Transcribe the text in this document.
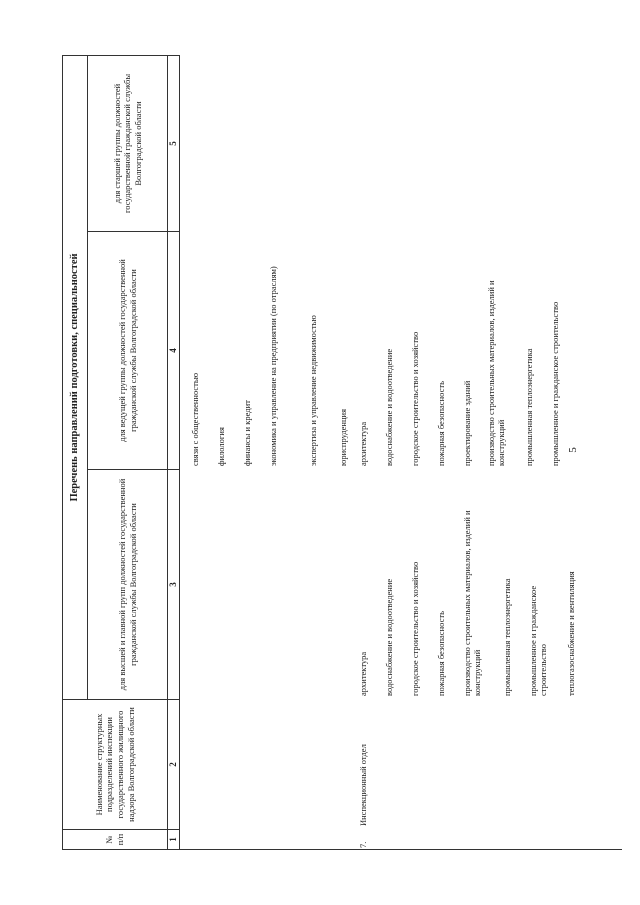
5
№ п/п
Наименование структурных подразделений инспекции государственного жилищного надзора Волгоградской области
Перечень направлений подготовки, специальностей
для высшей и главной групп должностей государственной гражданской службы Волгоградской области
для ведущей группы должностей государственной гражданской службы Волгоградской области
для старшей группы должностей государственной гражданской службы Волгоградской области
1
2
3
4
5
связи с общественностью филология финансы и кредит экономика и управление на предприятии (по отраслям)	экспертиза и управление недвижимостью юриспруденция
7.
Инспекционный отдел
архитектура водоснабжение и водоотведение городское строительство и хозяйство пожарная безопасность производство строительных материалов, изделий и конструкций промышленная теплоэнергетика промышленное и гражданское строительство теплогазоснабжение и вентиляция
архитектура водоснабжение и водоотведение городское строительство и хозяйство пожарная безопасность проектирование зданий производство строительных материалов, изделий и конструкций промышленная теплоэнергетика промышленное и гражданское строительство
